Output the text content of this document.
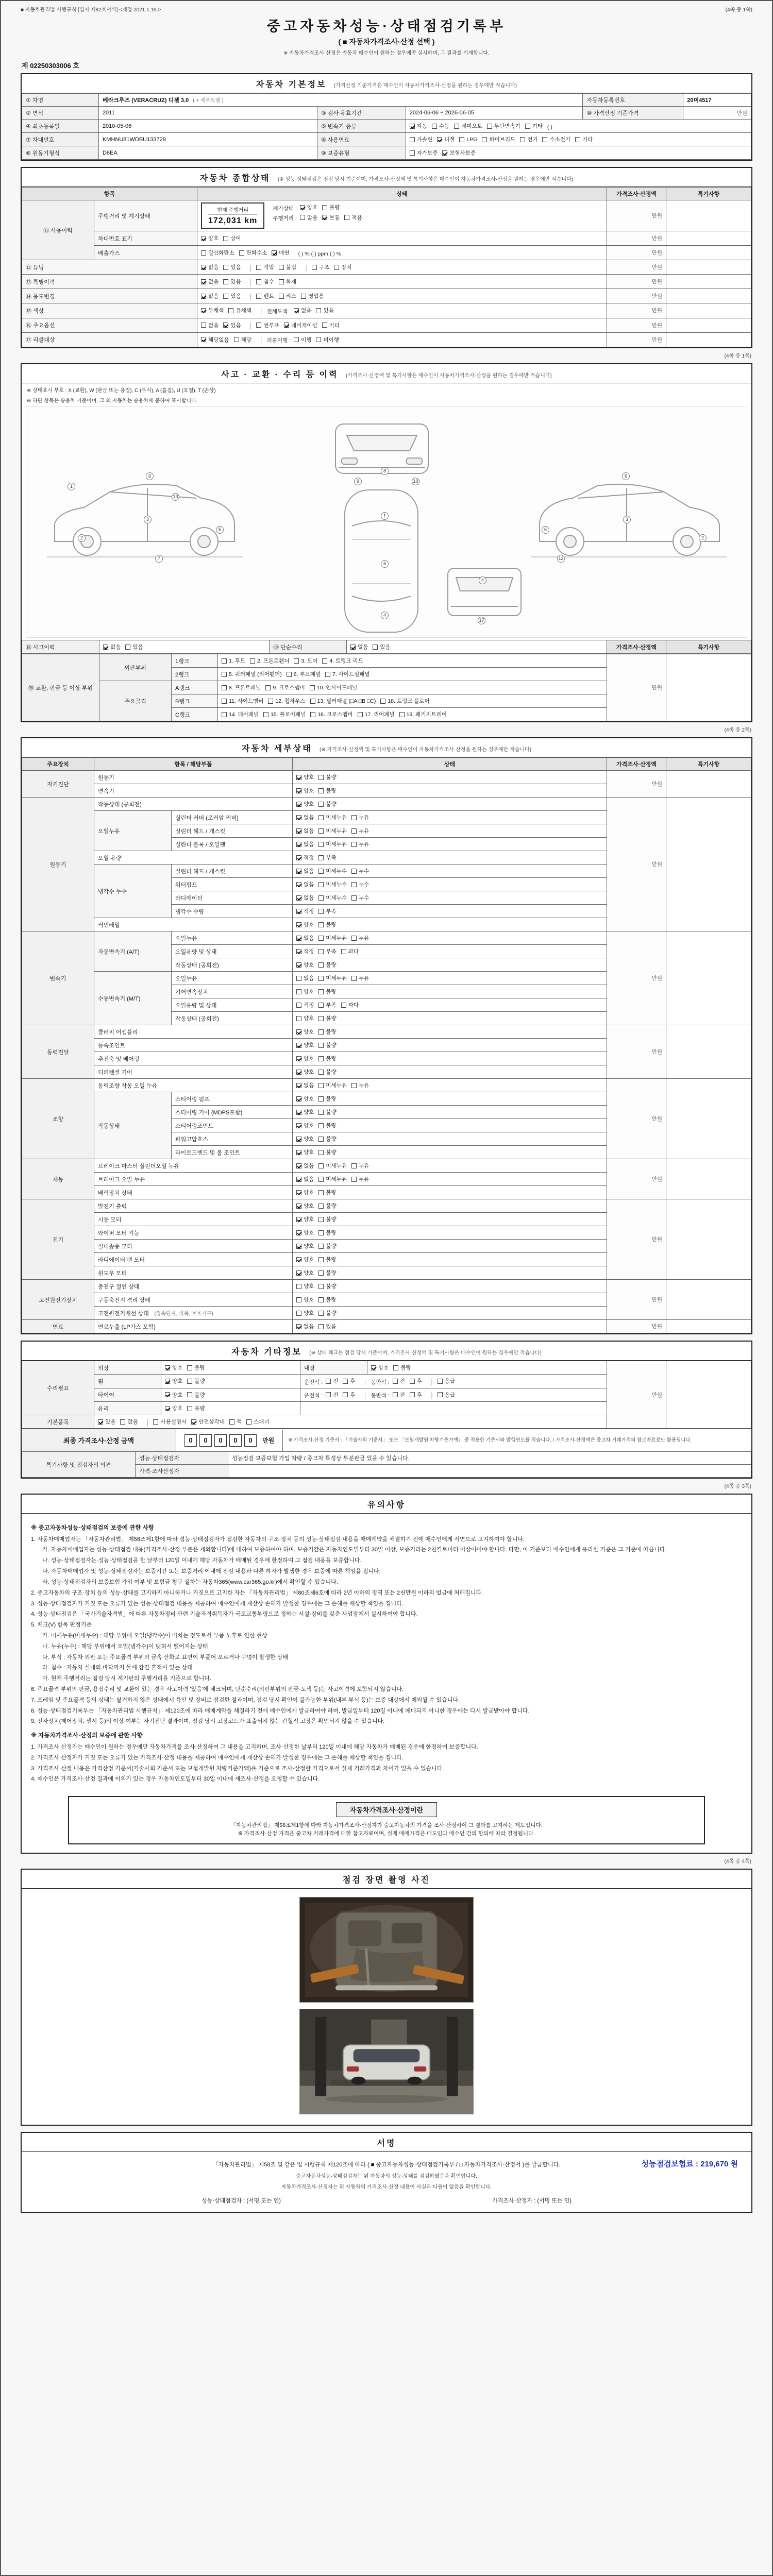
■ 자동차관리법 시행규칙 [별지 제82호서식] <개정 2021.1.19.>	(4쪽 중 1쪽)
중고자동차성능·상태점검기록부
( ■ 자동차가격조사·산정 선택 )
※ 자동차가격조사·산정은 자동차 매수인이 원하는 경우에만 실시하며, 그 결과를 기재합니다.
제 02250303006 호
자동차 기본정보 (가격산정 기준가격은 매수인이 자동차가격조사·산정을 원하는 경우에만 적습니다)
① 차명	베라크루즈 (VERACRUZ) 디젤 3.0 ( + 세부모델 )			자동차등록번호	20머4517
② 연식	2011	③ 검사 유효기간	2024-06-06 ~ 2026-06-05	⑩ 가격산정 기준가격	만원
④ 최초등록일	2010-05-06	⑤ 변속기 종류	자동 수동 세미오토 무단변속기 기타 ( )
⑦ 차대번호	KMHNU81WDBU133729	⑥ 사용연료	가솔린 디젤 LPG 하이브리드 전기 수소전기 기타

⑧ 원동기형식	D6EA	⑨ 보증유형	자가보증 보험사보증		
자동차 종합상태 (※ 성능·상태점검은 점검 당시 기준이며, 가격조사·산정액 및 특기사항은 매수인이 자동차가격조사·산정을 원하는 경우에만 적습니다)
항목		상태	가격조사·산정액	특기사항
⑪ 사용이력	주행거리 및 계기상태	
현재 주행거리
172,031 km
계기상태 : 양호 불량
주행거리 : 많음 보통 적음	만원	
	차대번호 표기	양호 상이	만원	
	배출가스	일산화탄소 탄화수소 매연 ( ) % ( ) ppm ( ) %	만원	
⑫ 튜닝	없음 있음 │ 적법 불법 │ 구조 장치	만원	
⑬ 특별이력		없음 있음 │ 침수 화재	만원	
⑭ 용도변경	없음 있음 │ 렌트 리스 영업용	만원	
⑮ 색상		무채색 유채색 │ 전체도색 : 없음 있음	만원	
⑯ 주요옵션	없음 있음 │ 썬루프 네비게이션 기타	만원	
⑰ 리콜대상		해당없음 해당 │ 리콜이행 : 이행 미이행	만원	
(4쪽 중 1쪽)
사고 · 교환 · 수리 등 이력 (가격조사·산정액 및 특기사항은 매수인이 자동차가격조사·산정을 원하는 경우에만 적습니다)
※ 상태표시 부호 : X (교환), W (판금 또는 용접), C (부식), A (흠집), U (요철), T (손상)
※ 하단 항목은 승용차 기준이며, 그 외 자동차는 승용차에 준하여 표시합니다.
1
2
3
6
13
5
7
9
8
10
1
6
4
4
17
5
12
3
6
2
⑱ 사고이력	없음 있음	⑲ 단순수리	없음 있음	가격조사·산정액	특기사항
⑳ 교환, 판금 등 이상 부위	외판부위	1랭크	1. 후드 2. 프론트휀더 3. 도어 4. 트렁크 리드	만원	
		2랭크	5. 쿼터패널 (리어휀더) 6. 루프패널 7. 사이드실패널		

	주요골격	A랭크	8. 프론트패널 9. 크로스멤버 10. 인사이드패널		

		B랭크	11. 사이드멤버 12. 휠하우스 13. 필러패널 (□A □B □C) 18. 트렁크 플로어		

		C랭크	14. 대쉬패널 15. 플로어패널 16. 크로스멤버 17. 리어패널 19. 패키지트레이		
(4쪽 중 2쪽)
자동차 세부상태 (※ 가격조사·산정액 및 특기사항은 매수인이 자동차가격조사·산정을 원하는 경우에만 적습니다)
주요장치	항목 / 해당부품		상태	가격조사·산정액	특기사항
자기진단	원동기		양호 불량	만원	
	변속기		양호 불량		

원동기	작동상태 (공회전)		양호 불량	만원	
	오일누유	실린더 커버 (로커암 커버)	없음 미세누유 누유		

		실린더 헤드 / 개스킷	없음 미세누유 누유		

		실린더 블록 / 오일팬	없음 미세누유 누유		

	오일 유량		적정 부족		

	냉각수 누수	실린더 헤드 / 개스킷	없음 미세누수 누수		

		워터펌프	없음 미세누수 누수		

		라디에이터	없음 미세누수 누수		

		냉각수 수량	적정 부족		

	커먼레일		양호 불량		

변속기	자동변속기 (A/T)	오일누유	없음 미세누유 누유	만원	
		오일유량 및 상태	적정 부족 과다		

		작동상태 (공회전)	양호 불량		

	수동변속기 (M/T)	오일누유	없음 미세누유 누유		

		기어변속장치	양호 불량		

		오일유량 및 상태	적정 부족 과다		

		작동상태 (공회전)	양호 불량		

동력전달	클러치 어셈블리		양호 불량	만원	
	등속조인트		양호 불량		

	추진축 및 베어링		양호 불량		

	디퍼렌셜 기어		양호 불량		

조향	동력조향 작동 오일 누유		없음 미세누유 누유	만원	
	작동상태	스티어링 펌프	양호 불량		

		스티어링 기어 (MDPS포함)	양호 불량		

		스티어링조인트	양호 불량		

		파워고압호스	양호 불량		

		타이로드엔드 및 볼 조인트	양호 불량		

제동	브레이크 마스터 실린더오일 누유		없음 미세누유 누유	만원	
	브레이크 오일 누유		없음 미세누유 누유		

	배력장치 상태		양호 불량		

전기	발전기 출력		양호 불량	만원	
	시동 모터		양호 불량		

	와이퍼 모터 기능		양호 불량		

	실내송풍 모터		양호 불량		

	라디에이터 팬 모터		양호 불량		

	윈도우 모터		양호 불량		

고전원전기장치	충전구 절연 상태		양호 불량	만원	
	구동축전지 격리 상태		양호 불량		

	고전원전기배선 상태 (접속단자, 피복, 보호기구)		양호 불량		

연료	연료누출 (LP가스 포함)		없음 있음	만원	
자동차 기타정보 (※ 상태 체크는 점검 당시 기준이며, 가격조사·산정액 및 특기사항은 매수인이 원하는 경우에만 적습니다)
수리필요	외장	양호 불량	내장	양호 불량	만원	
휠	양호 불량	운전석 : 전 후 │ 동반석 : 전 후 │ 응급

타이어	양호 불량	운전석 : 전 후 │ 동반석 : 전 후 │ 응급

	유리	양호 불량				

기본품목	있음 없음 │ 사용설명서 안전삼각대 잭 스패너
최종 가격조사·산정 금액	0 0 0 0 0 만원	※ 가격조사·산정 기준서 : 「기술사회 기준서」 또는 「보험개발원 차량기준가액」 중 적용한 기준서와 발행연도를 적습니다. / 가격조사·산정액은 중고차 거래가격의 참고자료로만 활용됩니다.
특기사항 및 점검자의 의견	성능·상태점검자	성능점검 보증보험 가입 차량 / 중고차 특성상 부분판금 있을 수 있습니다.
	가격·조사산정자	
(4쪽 중 3쪽)
유의사항
※ 중고자동차성능·상태점검의 보증에 관한 사항
1. 자동차매매업자는 「자동차관리법」 제58조제1항에 따라 성능·상태점검자가 점검한 자동차의 구조·장치 등의 성능·상태점검 내용을 매매계약을 체결하기 전에 매수인에게 서면으로 고지하여야 합니다.
가. 자동차매매업자는 성능·상태점검 내용(가격조사·산정 부분은 제외합니다)에 대하여 보증하여야 하며, 보증기간은 자동차인도일부터 30일 이상, 보증거리는 2천킬로미터 이상이어야 합니다. 다만, 이 기준보다 매수인에게 유리한 기준은 그 기준에 따릅니다.
나. 성능·상태점검자는 성능·상태점검을 한 날부터 120일 이내에 해당 자동차가 매매된 경우에 한정하여 그 점검 내용을 보증합니다.
다. 자동차매매업자 및 성능·상태점검자는 보증기간 또는 보증거리 이내에 점검 내용과 다른 하자가 발생한 경우 보증에 따른 책임을 집니다.
라. 성능·상태점검자의 보증보험 가입 여부 및 보험금 청구 절차는 자동차365(www.car365.go.kr)에서 확인할 수 있습니다.
2. 중고자동차의 구조·장치 등의 성능·상태를 고지하지 아니하거나 거짓으로 고지한 자는 「자동차관리법」 제80조제6호에 따라 2년 이하의 징역 또는 2천만원 이하의 벌금에 처해집니다.
3. 성능·상태점검자가 거짓 또는 오류가 있는 성능·상태점검 내용을 제공하여 매수인에게 재산상 손해가 발생한 경우에는 그 손해를 배상할 책임을 집니다.
4. 성능·상태점검은 「국가기술자격법」에 따른 자동차정비 관련 기술자격취득자가 국토교통부령으로 정하는 시설·장비를 갖춘 사업장에서 실시하여야 합니다.
5. 체크(V) 항목 판정기준
가. 미세누유(미세누수) : 해당 부위에 오일(냉각수)이 비치는 정도로서 부품 노후로 인한 현상
나. 누유(누수) : 해당 부위에서 오일(냉각수)이 맺혀서 떨어지는 상태
다. 부식 : 자동차 외판 또는 주요골격 부위의 금속 산화로 표면이 부풀어 오르거나 구멍이 발생한 상태
라. 침수 : 자동차 실내의 바닥까지 물에 잠긴 흔적이 있는 상태
마. 현재 주행거리는 점검 당시 계기판의 주행거리를 기준으로 합니다.
6. 주요골격 부위의 판금, 용접수리 및 교환이 있는 경우 사고이력 '있음'에 체크되며, 단순수리(외판부위의 판금·도색 등)는 사고이력에 포함되지 않습니다.
7. 프레임 및 주요골격 등의 상태는 탈거하지 않은 상태에서 육안 및 장비로 점검한 결과이며, 점검 당시 확인이 불가능한 부위(내부 부식 등)는 보증 대상에서 제외될 수 있습니다.
8. 성능·상태점검기록부는 「자동차관리법 시행규칙」 제120조에 따라 매매계약을 체결하기 전에 매수인에게 발급하여야 하며, 발급일부터 120일 이내에 매매되지 아니한 경우에는 다시 발급받아야 합니다.
9. 전자장치(제어장치, 센서 등)의 이상 여부는 자기진단 결과이며, 점검 당시 고장코드가 표출되지 않는 간헐적 고장은 확인되지 않을 수 있습니다.
※ 자동차가격조사·산정의 보증에 관한 사항
1. 가격조사·산정자는 매수인이 원하는 경우에만 자동차가격을 조사·산정하여 그 내용을 고지하며, 조사·산정한 날부터 120일 이내에 해당 자동차가 매매된 경우에 한정하여 보증합니다.
2. 가격조사·산정자가 거짓 또는 오류가 있는 가격조사·산정 내용을 제공하여 매수인에게 재산상 손해가 발생한 경우에는 그 손해를 배상할 책임을 집니다.
3. 가격조사·산정 내용은 가격산정 기준서(기술사회 기준서 또는 보험개발원 차량기준가액)를 기준으로 조사·산정한 가격으로서 실제 거래가격과 차이가 있을 수 있습니다.
4. 매수인은 가격조사·산정 결과에 이의가 있는 경우 자동차인도일부터 30일 이내에 재조사·산정을 요청할 수 있습니다.
자동차가격조사·산정이란
「자동차관리법」 제58조제1항에 따라 자동차가격조사·산정자가 중고자동차의 가격을 조사·산정하여 그 결과를 고지하는 제도입니다.
※ 가격조사·산정 가격은 중고차 거래가격에 대한 참고자료이며, 실제 매매가격은 매도인과 매수인 간의 합의에 따라 결정됩니다.
(4쪽 중 4쪽)
점검 장면 촬영 사진
서명
성능점검보험료 : 219,670 원
「자동차관리법」 제58조 및 같은 법 시행규칙 제120조에 따라 ( ■ 중고자동차성능·상태점검기록부 / □ 자동차가격조사·산정서 )를 발급합니다.
중고자동차성능·상태점검자는 위 자동차의 성능·상태를 점검하였음을 확인합니다.
자동차가격조사·산정자는 위 자동차의 가격조사·산정 내용이 사실과 다름이 없음을 확인합니다.
성능·상태점검자 : (서명 또는 인)	가격조사·산정자 : (서명 또는 인)
